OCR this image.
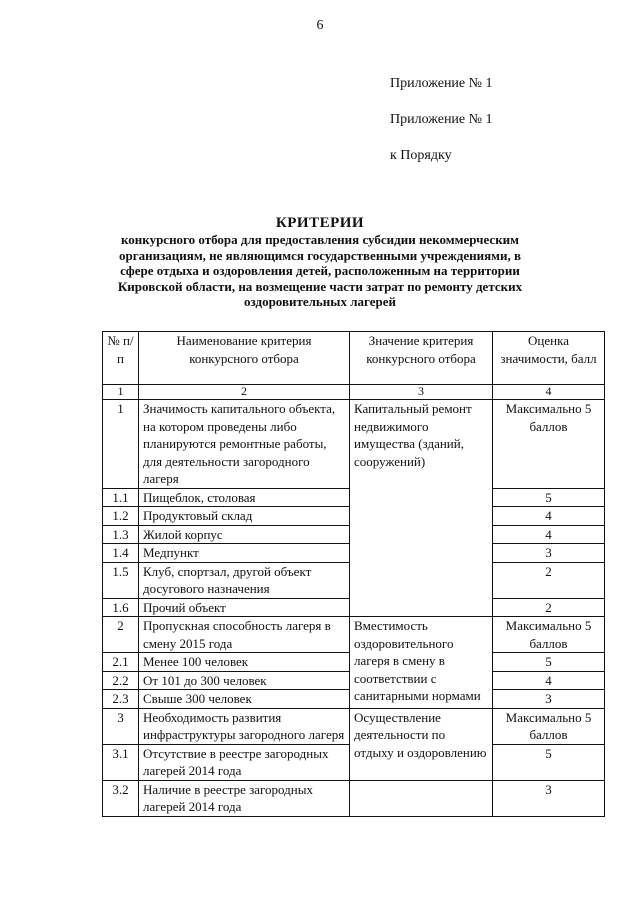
6
Приложение № 1
Приложение № 1
к Порядку
КРИТЕРИИ
конкурсного отбора для предоставления субсидии некоммерческим организациям, не являющимся государственными учреждениями, в сфере отдыха и оздоровления детей, расположенным на территории Кировской области, на возмещение части затрат по ремонту детских оздоровительных лагерей
№ п/п	Наименование критерия конкурсного отбора	Значение критерия конкурсного отбора	Оценка значимости, балл
1	2	3	4
1	Значимость капитального объекта, на котором проведены либо планируются ремонтные работы, для деятельности загородного лагеря	Капитальный ремонт недвижимого имущества (зданий, сооружений)	Максимально 5 баллов
1.1	Пищеблок, столовая		5
1.2	Продуктовый склад		4
1.3	Жилой корпус		4
1.4	Медпункт		3
1.5	Клуб, спортзал, другой объект досугового назначения		2
1.6	Прочий объект		2
2	Пропускная способность лагеря в смену 2015 года	Вместимость оздоровительного лагеря в смену в соответствии с санитарными нормами	Максимально 5 баллов
2.1	Менее 100 человек		5
2.2	От 101 до 300 человек		4
2.3	Свыше 300 человек		3
3	Необходимость развития инфраструктуры загородного лагеря	Осуществление деятельности по отдыху и оздоровлению	Максимально 5 баллов
3.1	Отсутствие в реестре загородных лагерей 2014 года		5
3.2	Наличие в реестре загородных лагерей 2014 года		3
